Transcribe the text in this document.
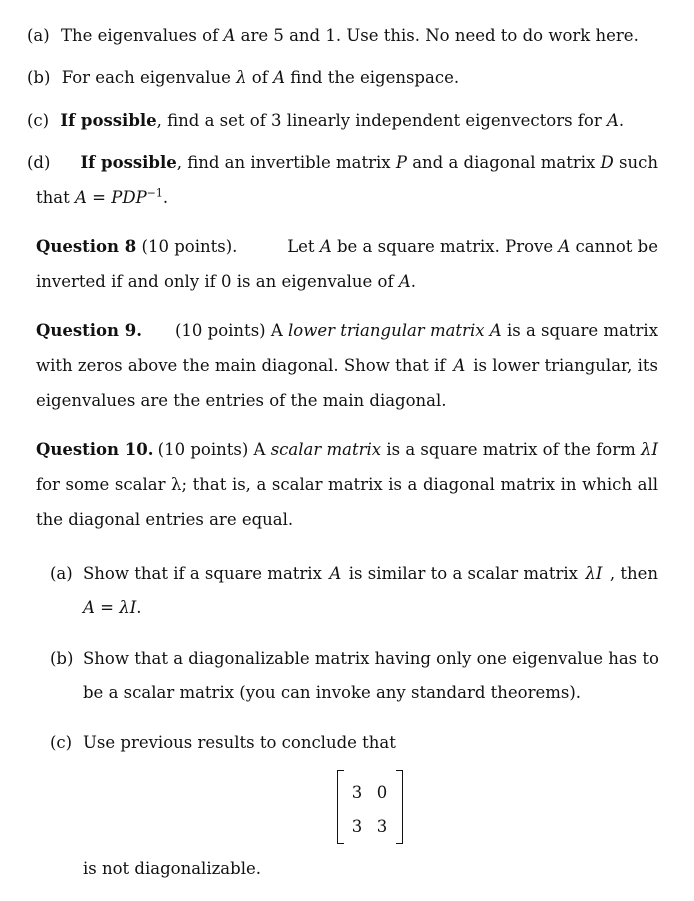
(a) The eigenvalues of A are 5 and 1. Use this. No need to do work here.
(b) For each eigenvalue λ of A find the eigenspace.
(c) If possible, find a set of 3 linearly independent eigenvectors for A.
(d) If possible, find an invertible matrix P and a diagonal matrix D such
that $A = PDP^{-1}$.
Question 8 (10 points).	Let A be a square matrix. Prove A cannot be
inverted if and only if 0 is an eigenvalue of A.
Question 9. (10 points) A lower triangular matrix A is a square matrix
with zeros above the main diagonal. Show that if A is lower triangular, its
eigenvalues are the entries of the main diagonal.
Question 10. (10 points) A scalar matrix is a square matrix of the form λI
for some scalar λ; that is, a scalar matrix is a diagonal matrix in which all
the diagonal entries are equal.
(a) Show that if a square matrix A is similar to a scalar matrix λI , then
A = λI.
(b) Show that a diagonalizable matrix having only one eigenvalue has to
be a scalar matrix (you can invoke any standard theorems).
(c) Use previous results to conclude that
3 0
3 3
is not diagonalizable.
